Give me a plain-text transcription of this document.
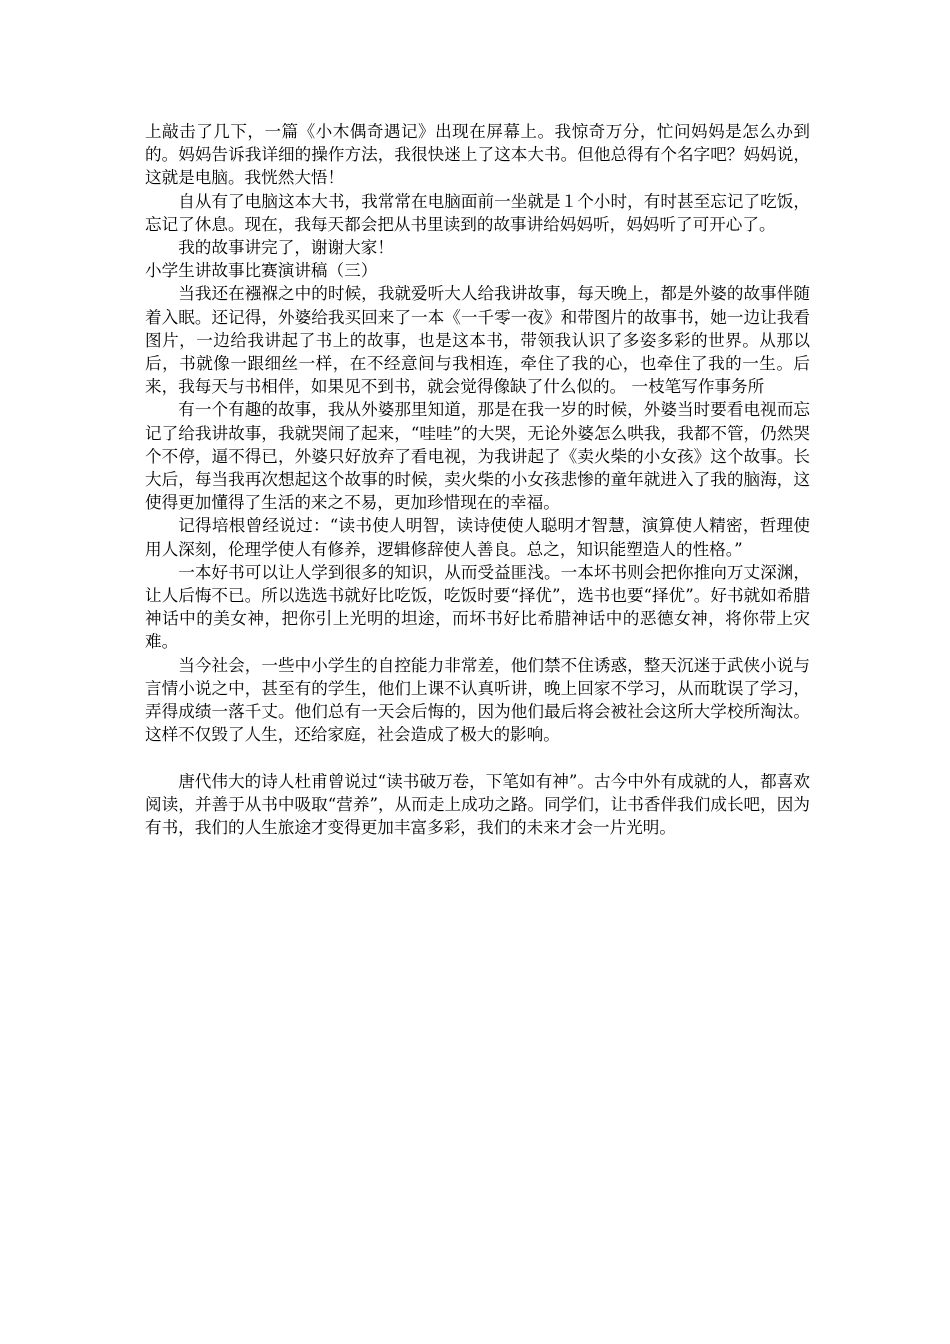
上敲击了几下，一篇《小木偶奇遇记》出现在屏幕上。我惊奇万分，忙问妈妈是怎么办到的。妈妈告诉我详细的操作方法，我很快迷上了这本大书。但他总得有个名字吧？妈妈说，这就是电脑。我恍然大悟！

自从有了电脑这本大书，我常常在电脑面前一坐就是１个小时，有时甚至忘记了吃饭，忘记了休息。现在，我每天都会把从书里读到的故事讲给妈妈听，妈妈听了可开心了。

我的故事讲完了，谢谢大家！

小学生讲故事比赛演讲稿（三）

当我还在襁褓之中的时候，我就爱听大人给我讲故事，每天晚上，都是外婆的故事伴随着入眠。还记得，外婆给我买回来了一本《一千零一夜》和带图片的故事书，她一边让我看图片，一边给我讲起了书上的故事，也是这本书，带领我认识了多姿多彩的世界。从那以后，书就像一跟细丝一样，在不经意间与我相连，牵住了我的心，也牵住了我的一生。后来，我每天与书相伴，如果见不到书，就会觉得像缺了什么似的。 一枝笔写作事务所

有一个有趣的故事，我从外婆那里知道，那是在我一岁的时候，外婆当时要看电视而忘记了给我讲故事，我就哭闹了起来，“哇哇”的大哭，无论外婆怎么哄我，我都不管，仍然哭个不停，逼不得已，外婆只好放弃了看电视，为我讲起了《卖火柴的小女孩》这个故事。长大后，每当我再次想起这个故事的时候，卖火柴的小女孩悲惨的童年就进入了我的脑海，这使得更加懂得了生活的来之不易，更加珍惜现在的幸福。

记得培根曾经说过：“读书使人明智，读诗使使人聪明才智慧，演算使人精密，哲理使用人深刻，伦理学使人有修养，逻辑修辞使人善良。总之，知识能塑造人的性格。”

一本好书可以让人学到很多的知识，从而受益匪浅。一本坏书则会把你推向万丈深渊，让人后悔不已。所以选选书就好比吃饭，吃饭时要“择优”，选书也要“择优”。好书就如希腊神话中的美女神，把你引上光明的坦途，而坏书好比希腊神话中的恶德女神，将你带上灾难。

当今社会，一些中小学生的自控能力非常差，他们禁不住诱惑，整天沉迷于武侠小说与言情小说之中，甚至有的学生，他们上课不认真听讲，晚上回家不学习，从而耽误了学习，弄得成绩一落千丈。他们总有一天会后悔的，因为他们最后将会被社会这所大学校所淘汰。这样不仅毁了人生，还给家庭，社会造成了极大的影响。

唐代伟大的诗人杜甫曾说过“读书破万卷，下笔如有神”。古今中外有成就的人，都喜欢阅读，并善于从书中吸取“营养”，从而走上成功之路。同学们，让书香伴我们成长吧，因为有书，我们的人生旅途才变得更加丰富多彩，我们的未来才会一片光明。
